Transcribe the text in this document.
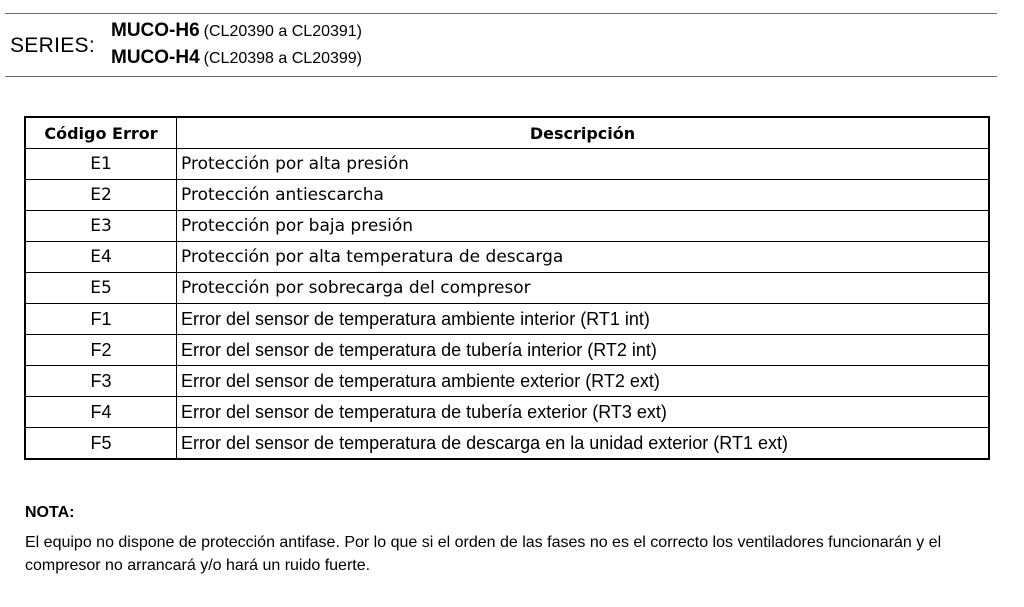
SERIES:
MUCO-H6 (CL20390 a CL20391)
MUCO-H4 (CL20398 a CL20399)
Código Error	Descripción
E1	Protección por alta presión
E2	Protección antiescarcha
E3	Protección por baja presión
E4	Protección por alta temperatura de descarga
E5	Protección por sobrecarga del compresor
F1	Error del sensor de temperatura ambiente interior (RT1 int)
F2	Error del sensor de temperatura de tubería interior (RT2 int)
F3	Error del sensor de temperatura ambiente exterior (RT2 ext)
F4	Error del sensor de temperatura de tubería exterior (RT3 ext)
F5	Error del sensor de temperatura de descarga en la unidad exterior (RT1 ext)
NOTA:
El equipo no dispone de protección antifase. Por lo que si el orden de las fases no es el correcto los ventiladores funcionarán y el compresor no arrancará y/o hará un ruido fuerte.
